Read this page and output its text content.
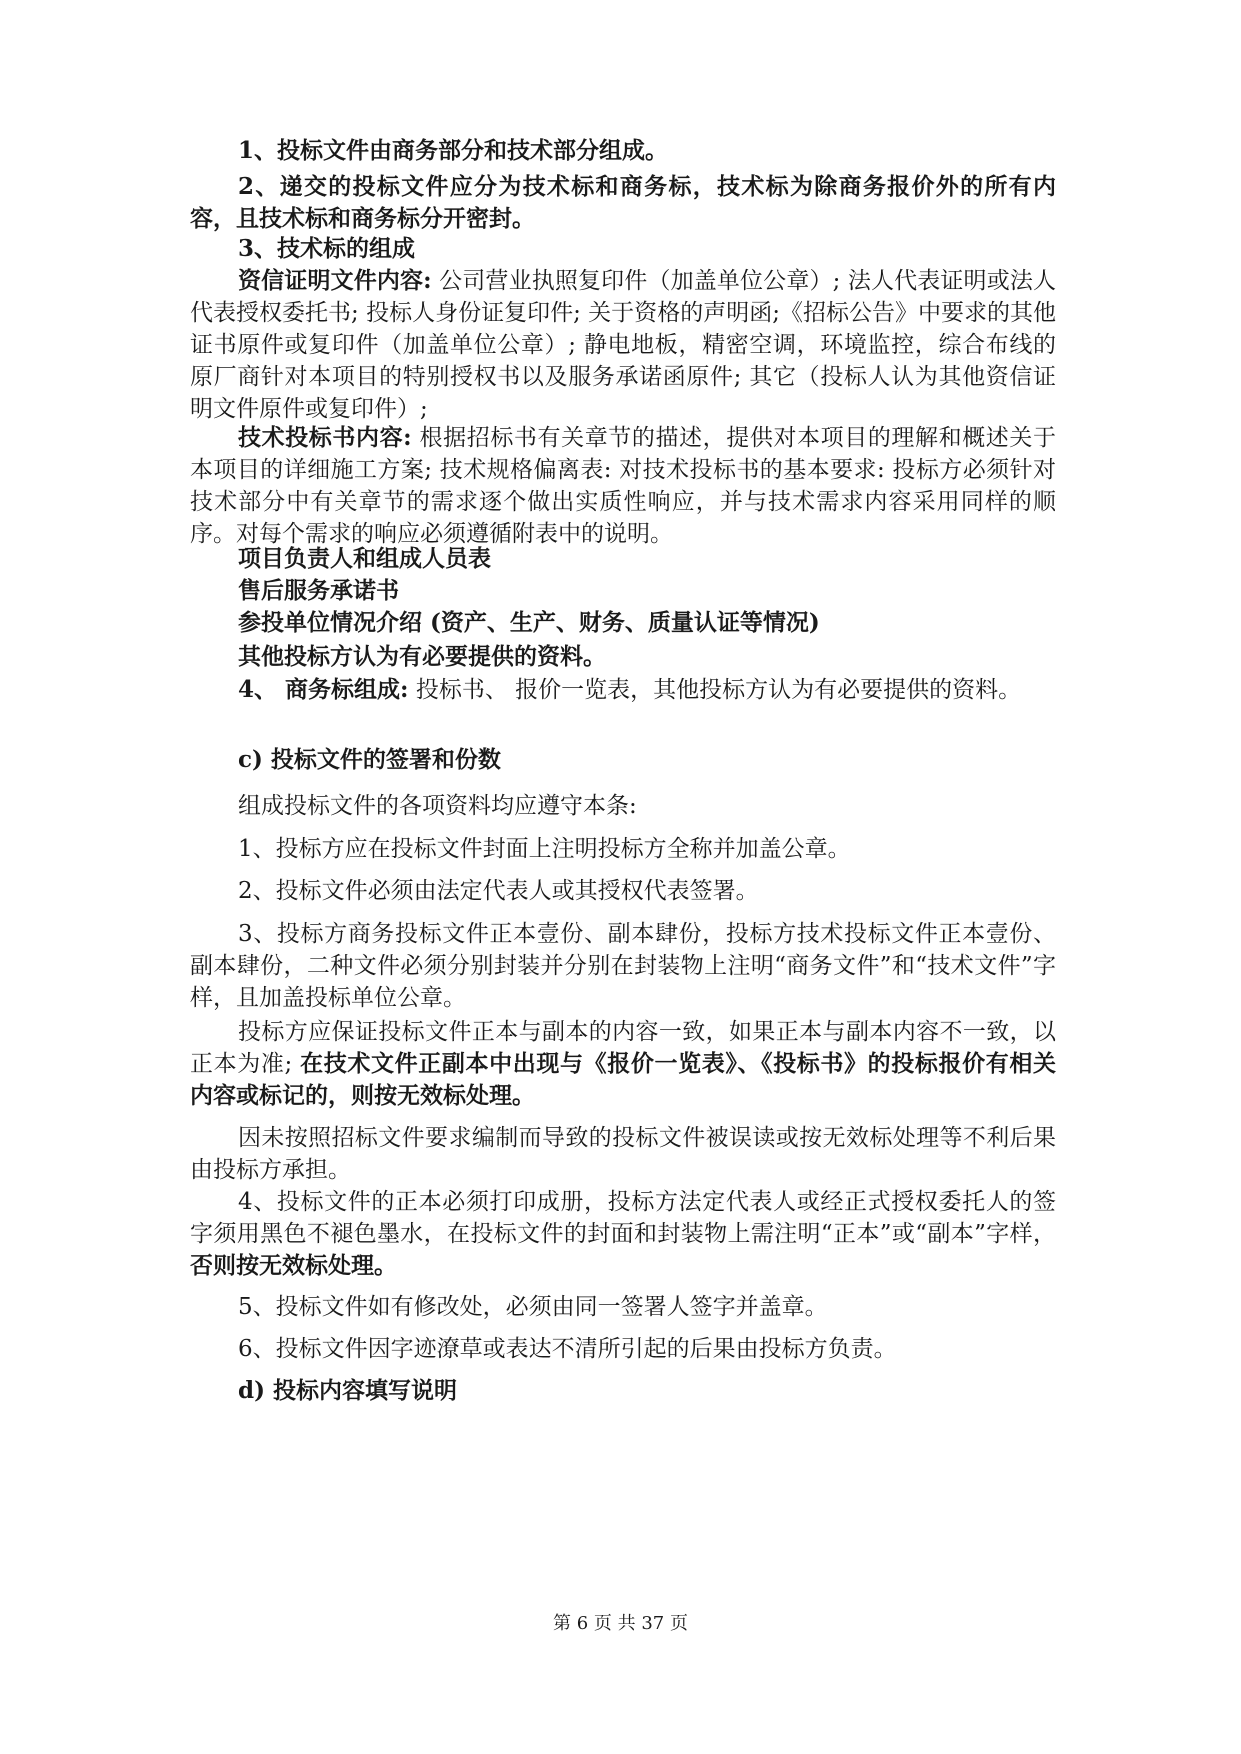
1、投标文件由商务部分和技术部分组成。

2、递交的投标文件应分为技术标和商务标，技术标为除商务报价外的所有内容，且技术标和商务标分开密封。

3、技术标的组成

资信证明文件内容: 公司营业执照复印件（加盖单位公章）; 法人代表证明或法人代表授权委托书; 投标人身份证复印件; 关于资格的声明函;《招标公告》中要求的其他证书原件或复印件（加盖单位公章）; 静电地板，精密空调，环境监控，综合布线的原厂商针对本项目的特别授权书以及服务承诺函原件; 其它（投标人认为其他资信证明文件原件或复印件）;

技术投标书内容: 根据招标书有关章节的描述，提供对本项目的理解和概述关于本项目的详细施工方案; 技术规格偏离表: 对技术投标书的基本要求: 投标方必须针对技术部分中有关章节的需求逐个做出实质性响应，并与技术需求内容采用同样的顺序。对每个需求的响应必须遵循附表中的说明。

项目负责人和组成人员表

售后服务承诺书

参投单位情况介绍 (资产、生产、财务、质量认证等情况)

其他投标方认为有必要提供的资料。

4、 商务标组成: 投标书、 报价一览表，其他投标方认为有必要提供的资料。

c) 投标文件的签署和份数

组成投标文件的各项资料均应遵守本条:

1、投标方应在投标文件封面上注明投标方全称并加盖公章。

2、投标文件必须由法定代表人或其授权代表签署。

3、投标方商务投标文件正本壹份、副本肆份，投标方技术投标文件正本壹份、副本肆份，二种文件必须分别封装并分别在封装物上注明“商务文件”和“技术文件”字样，且加盖投标单位公章。

投标方应保证投标文件正本与副本的内容一致，如果正本与副本内容不一致，以正本为准; 在技术文件正副本中出现与《报价一览表》、《投标书》的投标报价有相关内容或标记的，则按无效标处理。

因未按照招标文件要求编制而导致的投标文件被误读或按无效标处理等不利后果由投标方承担。

4、投标文件的正本必须打印成册，投标方法定代表人或经正式授权委托人的签字须用黑色不褪色墨水，在投标文件的封面和封装物上需注明“正本”或“副本”字样，否则按无效标处理。

5、投标文件如有修改处，必须由同一签署人签字并盖章。

6、投标文件因字迹潦草或表达不清所引起的后果由投标方负责。

d) 投标内容填写说明

第 6 页 共 37 页
